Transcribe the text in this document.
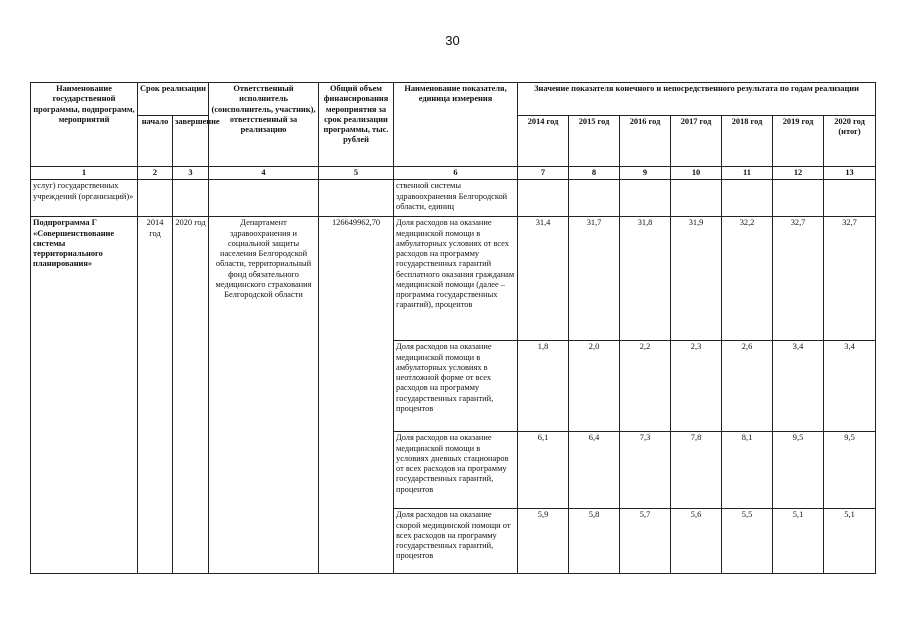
30
Наименование государственной программы, подпрограмм, мероприятий	Срок реализации		Ответственный исполнитель (соисполнитель, участник), ответственный за реализацию	Общий объем финансирования мероприятия за срок реализации программы, тыс. рублей	Наименование показателя, единица измерения	Значение показателя конечного и непосредственного результата по годам реализации						
	начало	завершение				2014 год	2015 год	2016 год	2017 год	2018 год	2019 год	2020 год (итог)
1	2	3	4	5	6	7	8	9	10	11	12	13
услуг) государственных учреждений (организаций)»					ственной системы здравоохранения Белгородской области, единиц							
Подпрограмма Г «Совершенствование системы территориального планирования»	2014 год	2020 год	Департамент здравоохранения и социальной защиты населения Белгородской области, территориальный фонд обязательного медицинского страхования Белгородской области	126649962,70	Доля расходов на оказание медицинской помощи в амбулаторных условиях от всех расходов на программу государственных гарантий бесплатного оказания гражданам медицинской помощи (далее – программа государственных гарантий), процентов	31,4	31,7	31,8	31,9	32,2	32,7	32,7
					Доля расходов на оказание медицинской помощи в амбулаторных условиях в неотложной форме от всех расходов на программу государственных гарантий, процентов	1,8	2,0	2,2	2,3	2,6	3,4	3,4
					Доля расходов на оказание медицинской помощи в условиях дневных стационаров от всех расходов на программу государственных гарантий, процентов	6,1	6,4	7,3	7,8	8,1	9,5	9,5
					Доля расходов на оказание скорой медицинской помощи от всех расходов на программу государственных гарантий, процентов	5,9	5,8	5,7	5,6	5,5	5,1	5,1
